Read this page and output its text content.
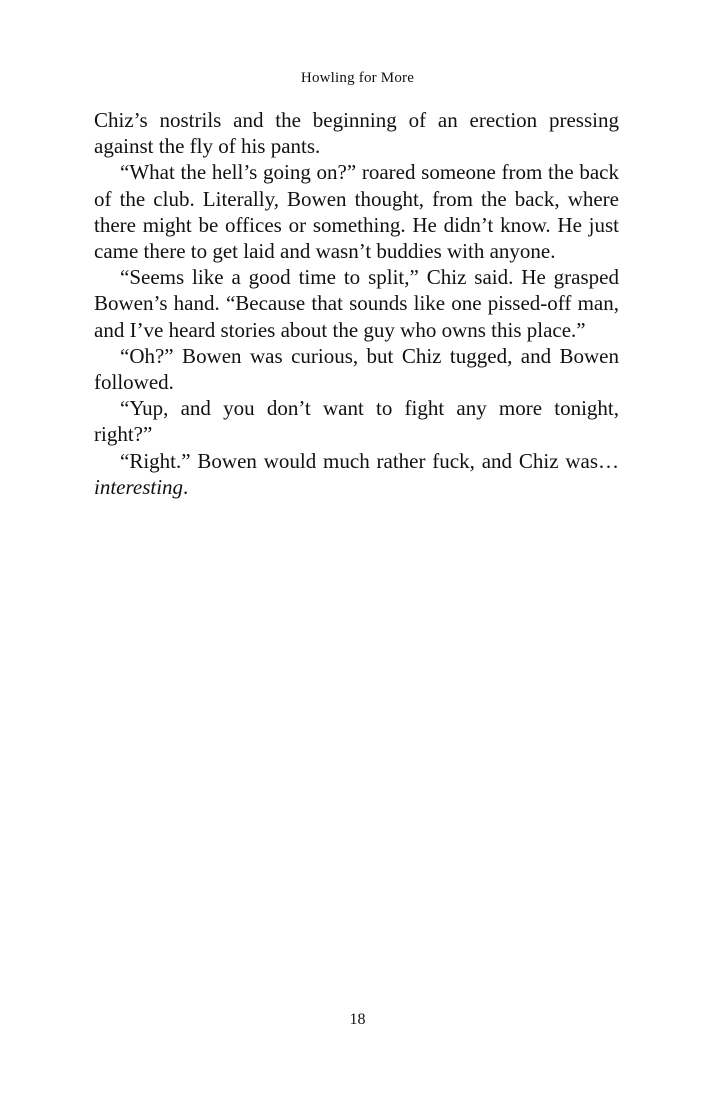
Howling for More

Chiz’s nostrils and the beginning of an erection pressing against the fly of his pants.

“What the hell’s going on?” roared someone from the back of the club. Literally, Bowen thought, from the back, where there might be offices or something. He didn’t know. He just came there to get laid and wasn’t buddies with anyone.

“Seems like a good time to split,” Chiz said. He grasped Bowen’s hand. “Because that sounds like one pissed-off man, and I’ve heard stories about the guy who owns this place.”

“Oh?” Bowen was curious, but Chiz tugged, and Bowen followed.

“Yup, and you don’t want to fight any more tonight, right?”

“Right.” Bowen would much rather fuck, and Chiz was…interesting.

18
